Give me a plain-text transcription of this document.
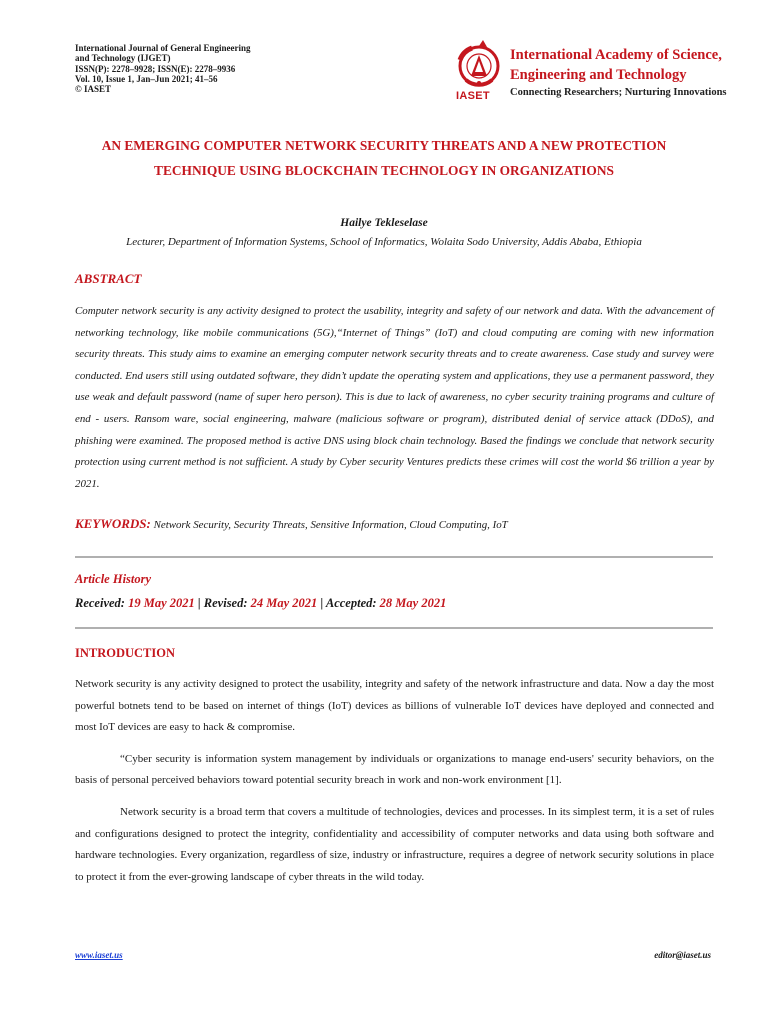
International Journal of General Engineering
and Technology (IJGET)
ISSN(P): 2278–9928; ISSN(E): 2278–9936
Vol. 10, Issue 1, Jan–Jun 2021; 41–56
© IASET
IASET
International Academy of Science,
Engineering and Technology
Connecting Researchers; Nurturing Innovations
AN EMERGING COMPUTER NETWORK SECURITY THREATS AND A NEW PROTECTION TECHNIQUE USING BLOCKCHAIN TECHNOLOGY IN ORGANIZATIONS
Hailye Tekleselase
Lecturer, Department of Information Systems, School of Informatics, Wolaita Sodo University, Addis Ababa, Ethiopia
ABSTRACT
Computer network security is any activity designed to protect the usability, integrity and safety of our network and data. With the advancement of networking technology, like mobile communications (5G),“Internet of Things” (IoT) and cloud computing are coming with new information security threats. This study aims to examine an emerging computer network security threats and to create awareness. Case study and survey were conducted. End users still using outdated software, they didn’t update the operating system and applications, they use a permanent password, they use weak and default password (name of super hero person). This is due to lack of awareness, no cyber security training programs and culture of end - users. Ransom ware, social engineering, malware (malicious software or program), distributed denial of service attack (DDoS), and phishing were examined. The proposed method is active DNS using block chain technology. Based the findings we conclude that network security protection using current method is not sufficient. A study by Cyber security Ventures predicts these crimes will cost the world $6 trillion a year by 2021.
KEYWORDS: Network Security, Security Threats, Sensitive Information, Cloud Computing, IoT
Article History
Received: 19 May 2021 | Revised: 24 May 2021 | Accepted: 28 May 2021
INTRODUCTION

Network security is any activity designed to protect the usability, integrity and safety of the network infrastructure and data. Now a day the most powerful botnets tend to be based on internet of things (IoT) devices as billions of vulnerable IoT devices have deployed and connected and most IoT devices are easy to hack & compromise.

“Cyber security is information system management by individuals or organizations to manage end-users' security behaviors, on the basis of personal perceived behaviors toward potential security breach in work and non-work environment [1].

Network security is a broad term that covers a multitude of technologies, devices and processes. In its simplest term, it is a set of rules and configurations designed to protect the integrity, confidentiality and accessibility of computer networks and data using both software and hardware technologies. Every organization, regardless of size, industry or infrastructure, requires a degree of network security solutions in place to protect it from the ever-growing landscape of cyber threats in the wild today.

www.iaset.us	editor@iaset.us
